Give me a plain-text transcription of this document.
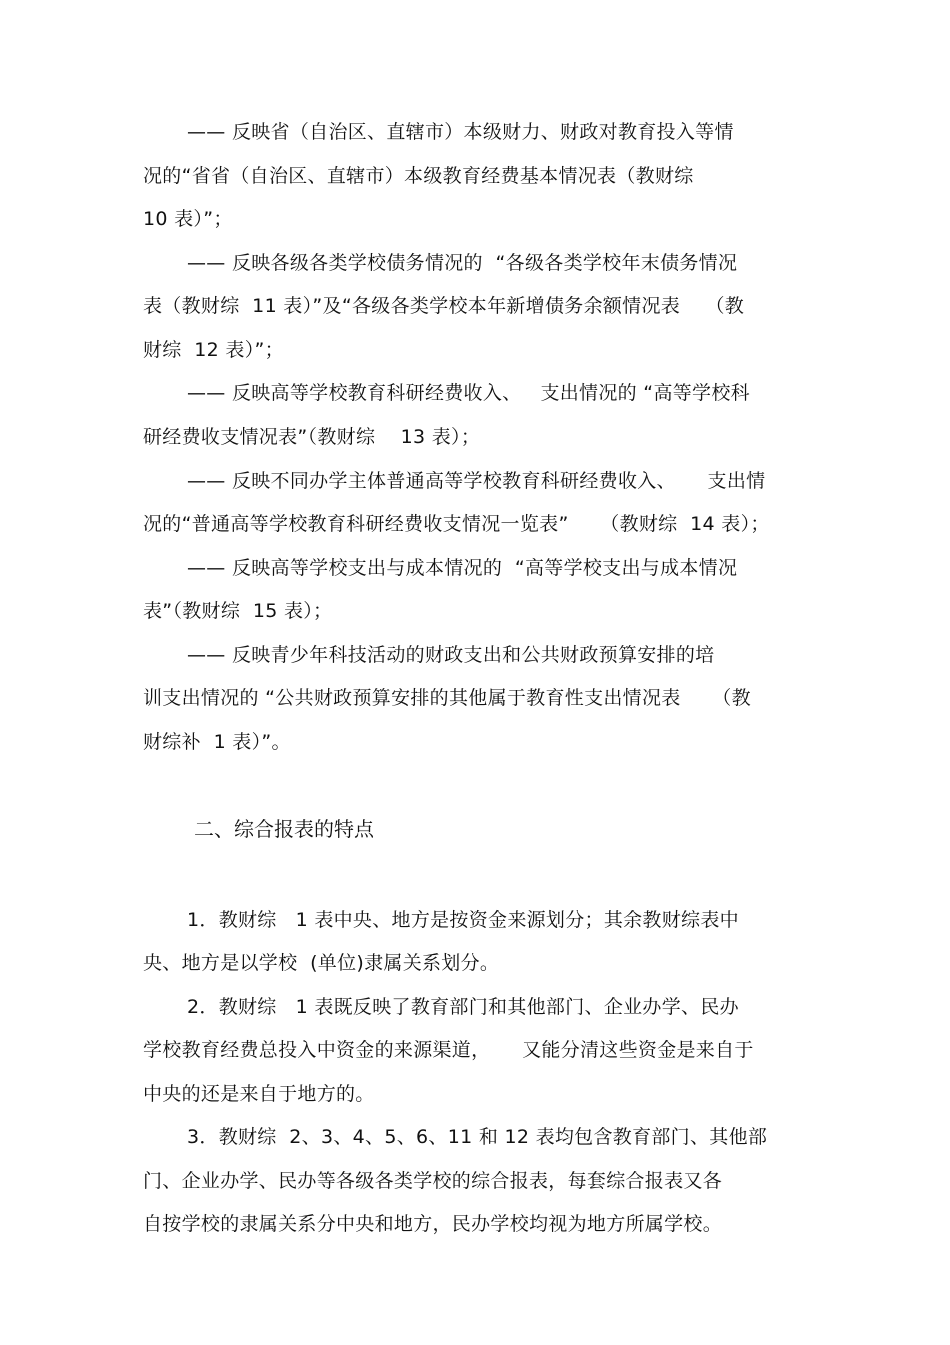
—— 反映省（自治区、直辖市）本级财力、财政对教育投入等情
况的“省省（自治区、直辖市）本级教育经费基本情况表（教财综
10 表）”；
—— 反映各级各类学校债务情况的  “各级各类学校年末债务情况
表（教财综  11 表）”及“各级各类学校本年新增债务余额情况表    （教
财综  12 表）”；
—— 反映高等学校教育科研经费收入、   支出情况的 “高等学校科
研经费收支情况表”（教财综    13 表）；
—— 反映不同办学主体普通高等学校教育科研经费收入、     支出情
况的“普通高等学校教育科研经费收支情况一览表”     （教财综  14 表）；
—— 反映高等学校支出与成本情况的  “高等学校支出与成本情况
表”（教财综  15 表）；
—— 反映青少年科技活动的财政支出和公共财政预算安排的培
训支出情况的 “公共财政预算安排的其他属于教育性支出情况表     （教
财综补  1 表）”。
二、综合报表的特点
1．教财综   1 表中央、地方是按资金来源划分；其余教财综表中
央、地方是以学校  (单位)隶属关系划分。
2．教财综   1 表既反映了教育部门和其他部门、企业办学、民办
学校教育经费总投入中资金的来源渠道，     又能分清这些资金是来自于
中央的还是来自于地方的。
3．教财综  2、3、4、5、6、11 和 12 表均包含教育部门、其他部
门、企业办学、民办等各级各类学校的综合报表，每套综合报表又各
自按学校的隶属关系分中央和地方，民办学校均视为地方所属学校。
